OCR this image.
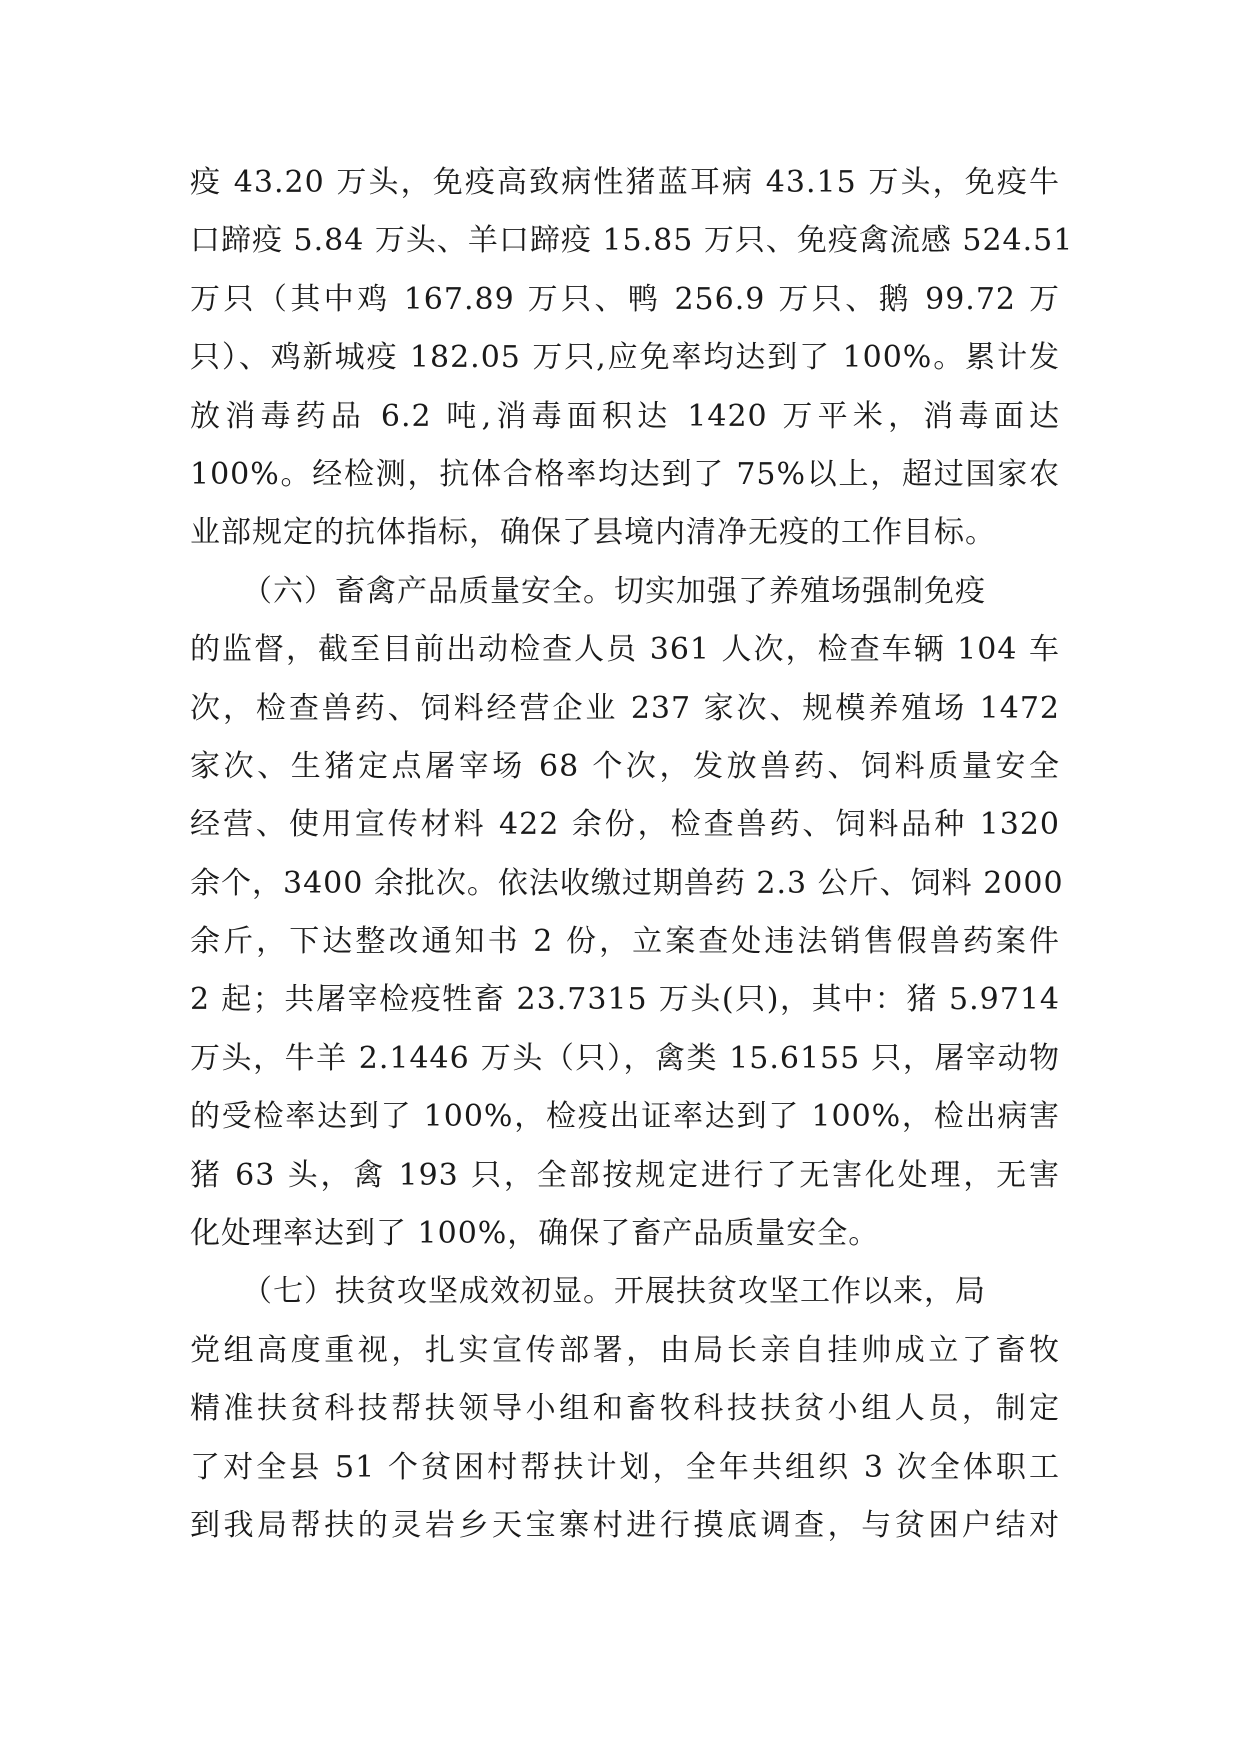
疫 43.20 万头，免疫高致病性猪蓝耳病 43.15 万头，免疫牛
口蹄疫 5.84 万头、羊口蹄疫 15.85 万只、免疫禽流感 524.51
万只（其中鸡 167.89 万只、鸭 256.9 万只、鹅 99.72 万
只）、鸡新城疫 182.05 万只,应免率均达到了 100%。累计发
放消毒药品 6.2 吨,消毒面积达 1420 万平米，消毒面达
100%。经检测，抗体合格率均达到了 75%以上，超过国家农
业部规定的抗体指标，确保了县境内清净无疫的工作目标。
（六）畜禽产品质量安全。切实加强了养殖场强制免疫
的监督，截至目前出动检查人员 361 人次，检查车辆 104 车
次，检查兽药、饲料经营企业 237 家次、规模养殖场 1472
家次、生猪定点屠宰场 68 个次，发放兽药、饲料质量安全
经营、使用宣传材料 422 余份，检查兽药、饲料品种 1320
余个，3400 余批次。依法收缴过期兽药 2.3 公斤、饲料 2000
余斤，下达整改通知书 2 份，立案查处违法销售假兽药案件
2 起；共屠宰检疫牲畜 23.7315 万头(只)，其中：猪 5.9714
万头，牛羊 2.1446 万头（只），禽类 15.6155 只，屠宰动物
的受检率达到了 100%，检疫出证率达到了 100%，检出病害
猪 63 头，禽 193 只，全部按规定进行了无害化处理，无害
化处理率达到了 100%，确保了畜产品质量安全。
（七）扶贫攻坚成效初显。开展扶贫攻坚工作以来，局
党组高度重视，扎实宣传部署，由局长亲自挂帅成立了畜牧
精准扶贫科技帮扶领导小组和畜牧科技扶贫小组人员，制定
了对全县 51 个贫困村帮扶计划，全年共组织 3 次全体职工
到我局帮扶的灵岩乡天宝寨村进行摸底调查，与贫困户结对
